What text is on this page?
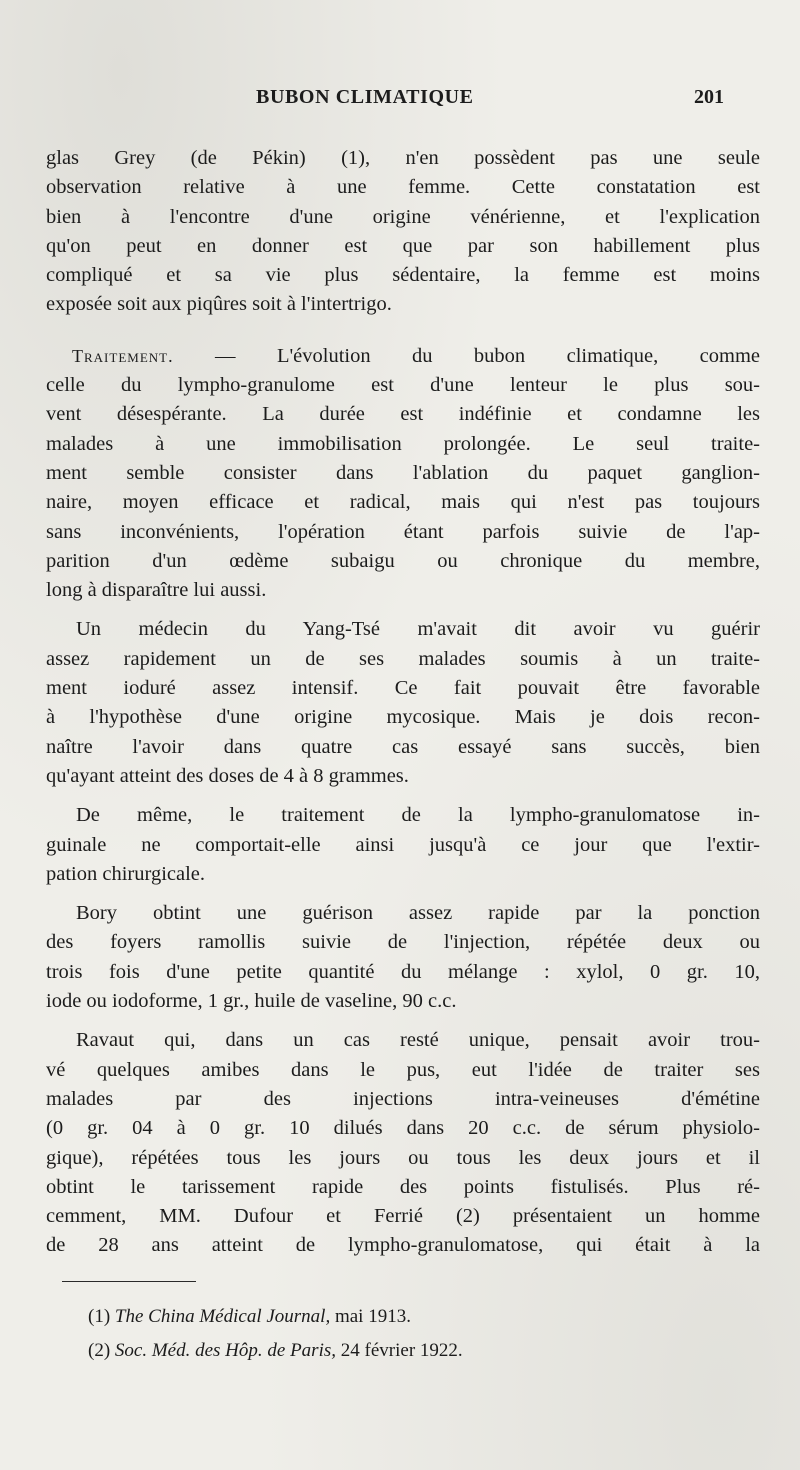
BUBON CLIMATIQUE	201
glas Grey (de Pékin) (1), n'en possèdent pas une seule
observation relative à une femme. Cette constatation est
bien à l'encontre d'une origine vénérienne, et l'explication
qu'on peut en donner est que par son habillement plus
compliqué et sa vie plus sédentaire, la femme est moins
exposée soit aux piqûres soit à l'intertrigo.
Traitement. — L'évolution du bubon climatique, comme
celle du lympho-granulome est d'une lenteur le plus sou-
vent désespérante. La durée est indéfinie et condamne les
malades à une immobilisation prolongée. Le seul traite-
ment semble consister dans l'ablation du paquet ganglion-
naire, moyen efficace et radical, mais qui n'est pas toujours
sans inconvénients, l'opération étant parfois suivie de l'ap-
parition d'un œdème subaigu ou chronique du membre,
long à disparaître lui aussi.
Un médecin du Yang-Tsé m'avait dit avoir vu guérir
assez rapidement un de ses malades soumis à un traite-
ment ioduré assez intensif. Ce fait pouvait être favorable
à l'hypothèse d'une origine mycosique. Mais je dois recon-
naître l'avoir dans quatre cas essayé sans succès, bien
qu'ayant atteint des doses de 4 à 8 grammes.
De même, le traitement de la lympho-granulomatose in-
guinale ne comportait-elle ainsi jusqu'à ce jour que l'extir-
pation chirurgicale.
Bory obtint une guérison assez rapide par la ponction
des foyers ramollis suivie de l'injection, répétée deux ou
trois fois d'une petite quantité du mélange : xylol, 0 gr. 10,
iode ou iodoforme, 1 gr., huile de vaseline, 90 c.c.
Ravaut qui, dans un cas resté unique, pensait avoir trou-
vé quelques amibes dans le pus, eut l'idée de traiter ses
malades par des injections intra-veineuses d'émétine
(0 gr. 04 à 0 gr. 10 dilués dans 20 c.c. de sérum physiolo-
gique), répétées tous les jours ou tous les deux jours et il
obtint le tarissement rapide des points fistulisés. Plus ré-
cemment, MM. Dufour et Ferrié (2) présentaient un homme
de 28 ans atteint de lympho-granulomatose, qui était à la
(1) The China Médical Journal, mai 1913.
(2) Soc. Méd. des Hôp. de Paris, 24 février 1922.
